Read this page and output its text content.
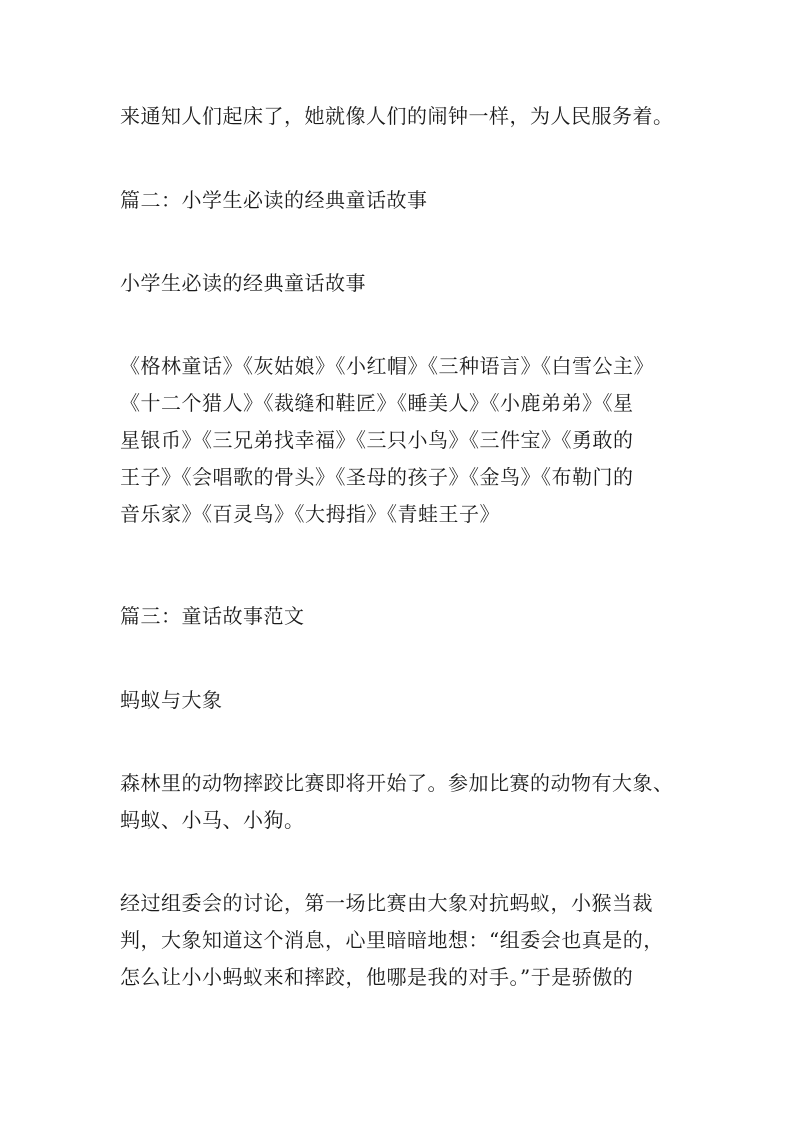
来通知人们起床了，她就像人们的闹钟一样，为人民服务着。
篇二：小学生必读的经典童话故事
小学生必读的经典童话故事
《格林童话》《灰姑娘》《小红帽》《三种语言》《白雪公主》
《十二个猎人》《裁缝和鞋匠》《睡美人》《小鹿弟弟》《星
星银币》《三兄弟找幸福》《三只小鸟》《三件宝》《勇敢的
王子》《会唱歌的骨头》《圣母的孩子》《金鸟》《布勒门的
音乐家》《百灵鸟》《大拇指》《青蛙王子》
篇三：童话故事范文
蚂蚁与大象
森林里的动物摔跤比赛即将开始了。参加比赛的动物有大象、
蚂蚁、小马、小狗。
经过组委会的讨论，第一场比赛由大象对抗蚂蚁，小猴当裁
判，大象知道这个消息，心里暗暗地想：“组委会也真是的，
怎么让小小蚂蚁来和摔跤，他哪是我的对手。”于是骄傲的
